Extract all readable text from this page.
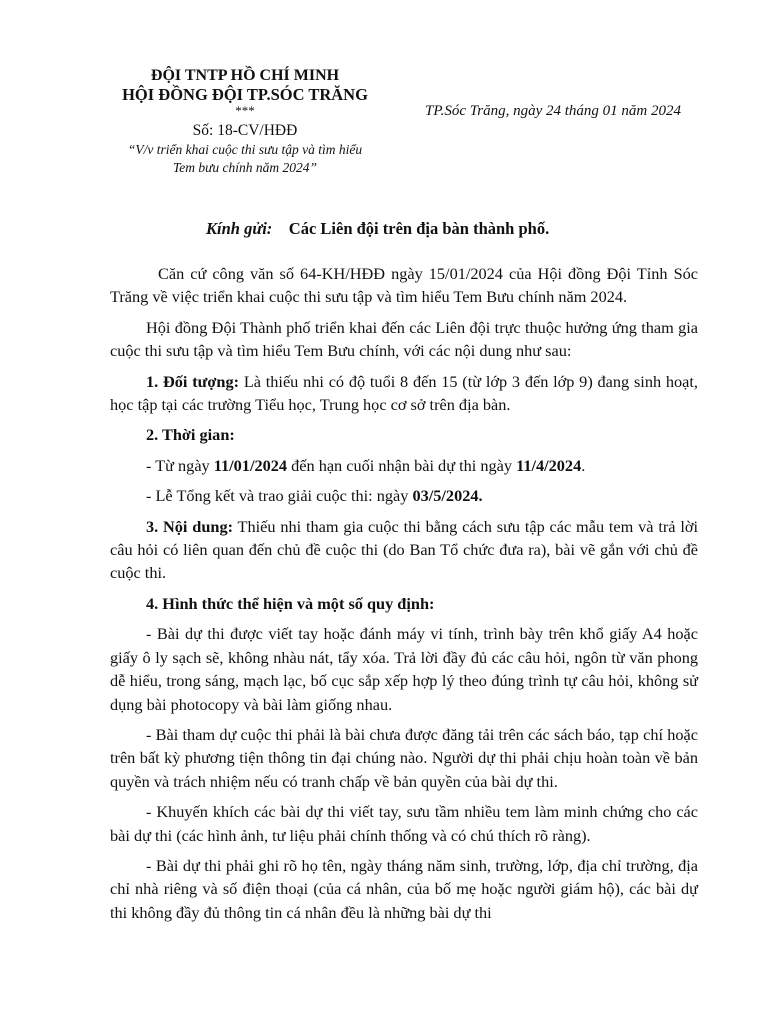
ĐỘI TNTP HỒ CHÍ MINH
HỘI ĐỒNG ĐỘI TP.SÓC TRĂNG
***
Số: 18-CV/HĐĐ
“V/v triển khai cuộc thi sưu tập và tìm hiểu
Tem bưu chính năm 2024”
TP.Sóc Trăng, ngày 24 tháng 01 năm 2024
Kính gửi: Các Liên đội trên địa bàn thành phố.

Căn cứ công văn số 64-KH/HĐĐ ngày 15/01/2024 của Hội đồng Đội Tỉnh Sóc Trăng về việc triển khai cuộc thi sưu tập và tìm hiểu Tem Bưu chính năm 2024.

Hội đồng Đội Thành phố triển khai đến các Liên đội trực thuộc hưởng ứng tham gia cuộc thi sưu tập và tìm hiểu Tem Bưu chính, với các nội dung như sau:

1. Đối tượng: Là thiếu nhi có độ tuổi 8 đến 15 (từ lớp 3 đến lớp 9) đang sinh hoạt, học tập tại các trường Tiểu học, Trung học cơ sở trên địa bàn.

2. Thời gian:

- Từ ngày 11/01/2024 đến hạn cuối nhận bài dự thi ngày 11/4/2024.

- Lễ Tổng kết và trao giải cuộc thi: ngày 03/5/2024.

3. Nội dung: Thiếu nhi tham gia cuộc thi bằng cách sưu tập các mẫu tem và trả lời câu hỏi có liên quan đến chủ đề cuộc thi (do Ban Tổ chức đưa ra), bài vẽ gắn với chủ đề cuộc thi.

4. Hình thức thể hiện và một số quy định:

- Bài dự thi được viết tay hoặc đánh máy vi tính, trình bày trên khổ giấy A4 hoặc giấy ô ly sạch sẽ, không nhàu nát, tẩy xóa. Trả lời đầy đủ các câu hỏi, ngôn từ văn phong dễ hiểu, trong sáng, mạch lạc, bố cục sắp xếp hợp lý theo đúng trình tự câu hỏi, không sử dụng bài photocopy và bài làm giống nhau.

- Bài tham dự cuộc thi phải là bài chưa được đăng tải trên các sách báo, tạp chí hoặc trên bất kỳ phương tiện thông tin đại chúng nào. Người dự thi phải chịu hoàn toàn về bản quyền và trách nhiệm nếu có tranh chấp về bản quyền của bài dự thi.

- Khuyến khích các bài dự thi viết tay, sưu tầm nhiều tem làm minh chứng cho các bài dự thi (các hình ảnh, tư liệu phải chính thống và có chú thích rõ ràng).

- Bài dự thi phải ghi rõ họ tên, ngày tháng năm sinh, trường, lớp, địa chỉ trường, địa chỉ nhà riêng và số điện thoại (của cá nhân, của bố mẹ hoặc người giám hộ), các bài dự thi không đầy đủ thông tin cá nhân đều là những bài dự thi
